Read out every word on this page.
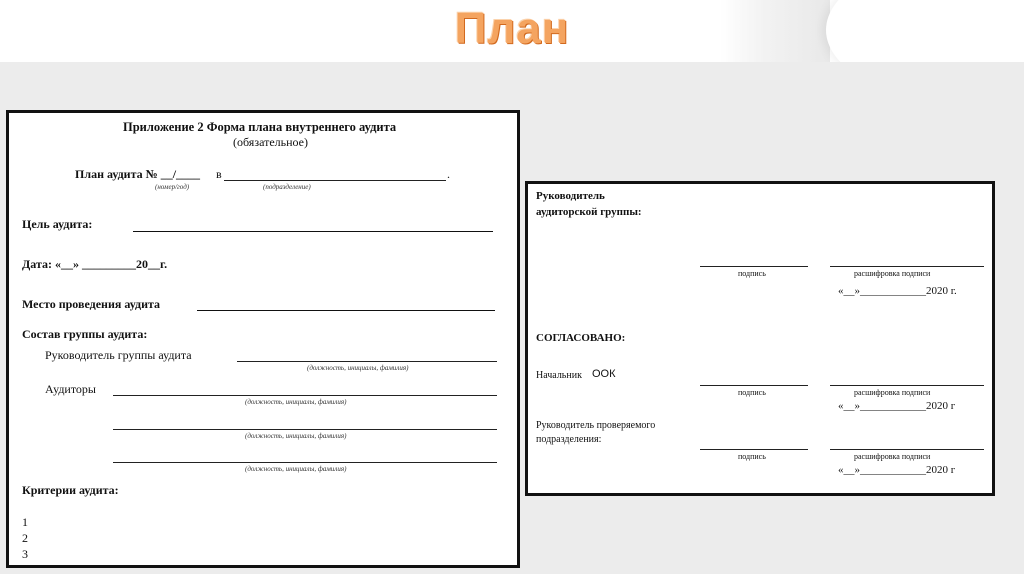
План
Приложение 2 Форма плана внутреннего аудита
(обязательное)
План аудита № __/____ в	.
(номер/год)	(подразделение)
Цель аудита:
Дата: «__» _________20__г.
Место проведения аудита
Состав группы аудита:
Руководитель группы аудита
(должность, инициалы, фамилия)
Аудиторы
(должность, инициалы, фамилия)
(должность, инициалы, фамилия)
(должность, инициалы, фамилия)
Критерии аудита:
1
2
3
Руководитель
аудиторской группы:
подпись	расшифровка подписи
«__»____________2020 г.
СОГЛАСОВАНО:
Начальник ООК
подпись	расшифровка подписи
«__»____________2020 г
Руководитель проверяемого
подразделения:
подпись	расшифровка подписи
«__»____________2020 г
